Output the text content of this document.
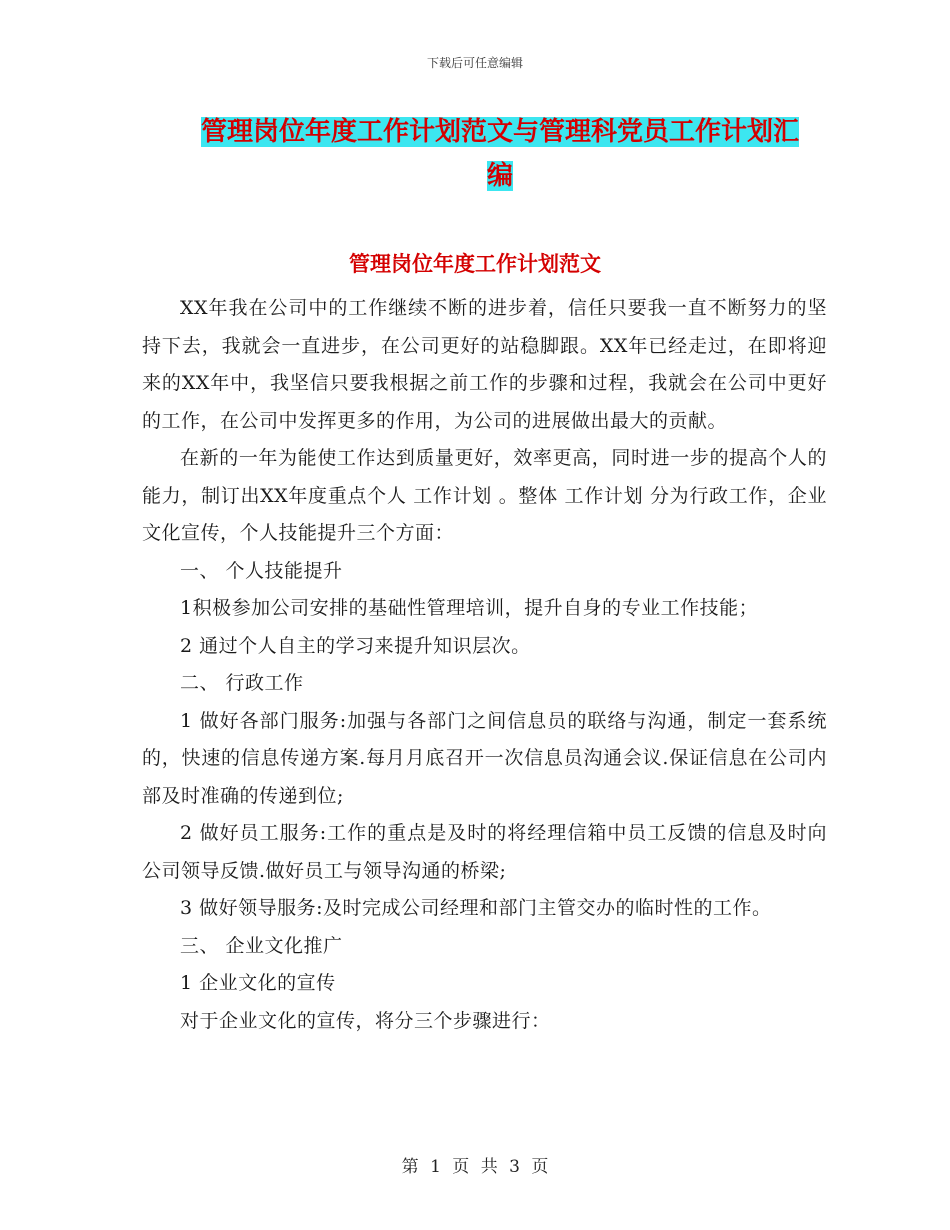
下载后可任意编辑
管理岗位年度工作计划范文与管理科党员工作计划汇编
管理岗位年度工作计划范文

XX年我在公司中的工作继续不断的进步着，信任只要我一直不断努力的坚持下去，我就会一直进步，在公司更好的站稳脚跟。XX年已经走过，在即将迎来的XX年中，我坚信只要我根据之前工作的步骤和过程，我就会在公司中更好的工作，在公司中发挥更多的作用，为公司的进展做出最大的贡献。

在新的一年为能使工作达到质量更好，效率更高，同时进一步的提高个人的能力，制订出XX年度重点个人 工作计划 。整体 工作计划 分为行政工作，企业文化宣传，个人技能提升三个方面：

一、 个人技能提升

1积极参加公司安排的基础性管理培训，提升自身的专业工作技能；

2 通过个人自主的学习来提升知识层次。

二、 行政工作

1 做好各部门服务:加强与各部门之间信息员的联络与沟通，制定一套系统的，快速的信息传递方案.每月月底召开一次信息员沟通会议.保证信息在公司内部及时准确的传递到位;

2 做好员工服务:工作的重点是及时的将经理信箱中员工反馈的信息及时向公司领导反馈.做好员工与领导沟通的桥梁;

3 做好领导服务:及时完成公司经理和部门主管交办的临时性的工作。

三、 企业文化推广

1 企业文化的宣传

对于企业文化的宣传，将分三个步骤进行：

第 1 页 共 3 页
